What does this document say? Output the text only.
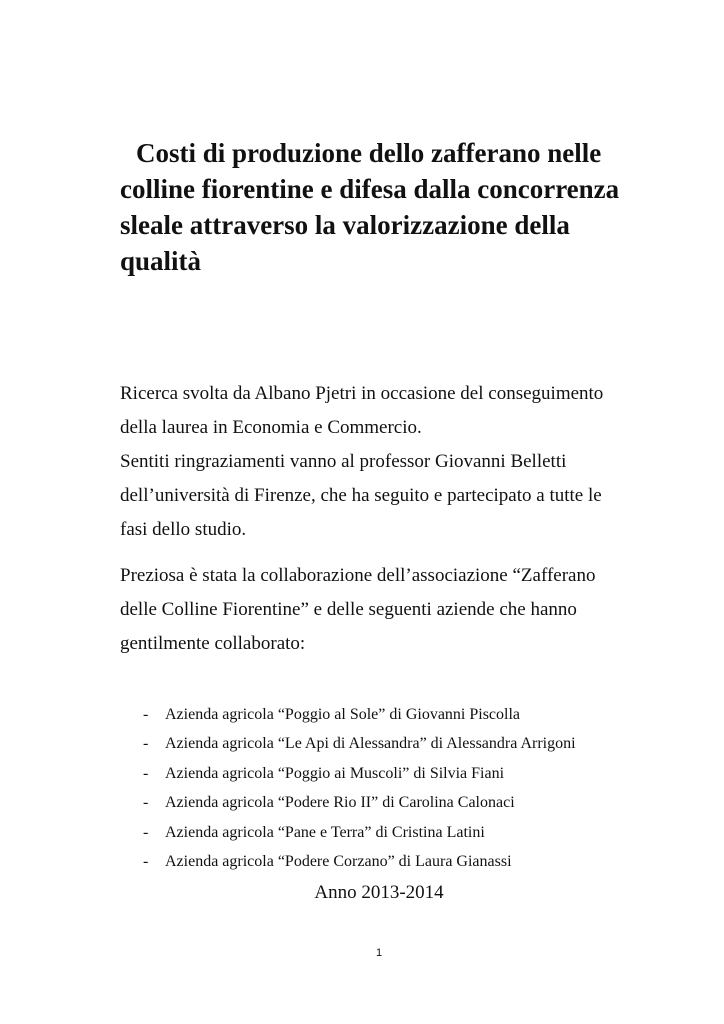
Costi di produzione dello zafferano nelle
colline fiorentine e difesa dalla concorrenza
sleale attraverso la valorizzazione della
qualità
Ricerca svolta da Albano Pjetri in occasione del conseguimento
della laurea in Economia e Commercio.
Sentiti ringraziamenti vanno al professor Giovanni Belletti
dell’università di Firenze, che ha seguito e partecipato a tutte le
fasi dello studio.
Preziosa è stata la collaborazione dell’associazione “Zafferano
delle Colline Fiorentine” e delle seguenti aziende che hanno
gentilmente collaborato:
- Azienda agricola “Poggio al Sole” di Giovanni Piscolla
- Azienda agricola “Le Api di Alessandra” di Alessandra Arrigoni
- Azienda agricola “Poggio ai Muscoli” di Silvia Fiani
- Azienda agricola “Podere Rio II” di Carolina Calonaci
- Azienda agricola “Pane e Terra” di Cristina Latini
- Azienda agricola “Podere Corzano” di Laura Gianassi
Anno 2013-2014
1
